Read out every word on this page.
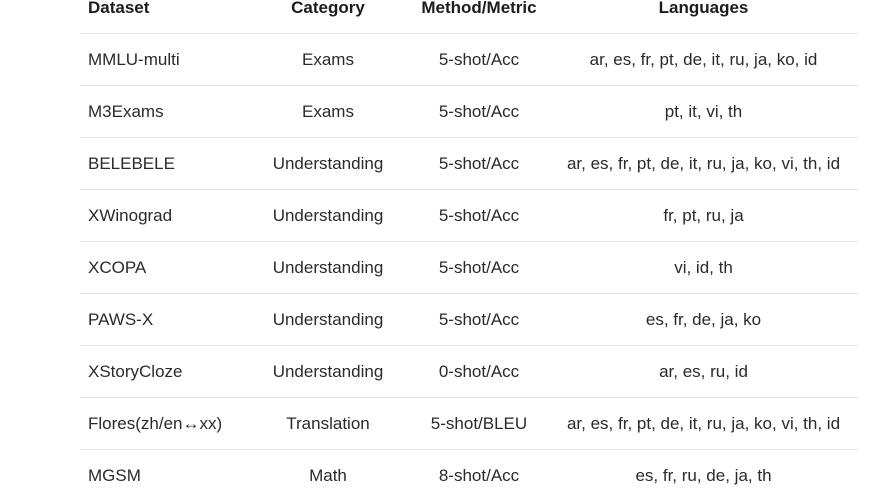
Dataset	Category	Method/Metric	Languages
MMLU-multi	Exams	5-shot/Acc	ar, es, fr, pt, de, it, ru, ja, ko, id
M3Exams	Exams	5-shot/Acc	pt, it, vi, th
BELEBELE	Understanding	5-shot/Acc	ar, es, fr, pt, de, it, ru, ja, ko, vi, th, id
XWinograd	Understanding	5-shot/Acc	fr, pt, ru, ja
XCOPA	Understanding	5-shot/Acc	vi, id, th
PAWS-X	Understanding	5-shot/Acc	es, fr, de, ja, ko
XStoryCloze	Understanding	0-shot/Acc	ar, es, ru, id
Flores(zh/en↔xx)	Translation	5-shot/BLEU	ar, es, fr, pt, de, it, ru, ja, ko, vi, th, id
MGSM	Math	8-shot/Acc	es, fr, ru, de, ja, th
